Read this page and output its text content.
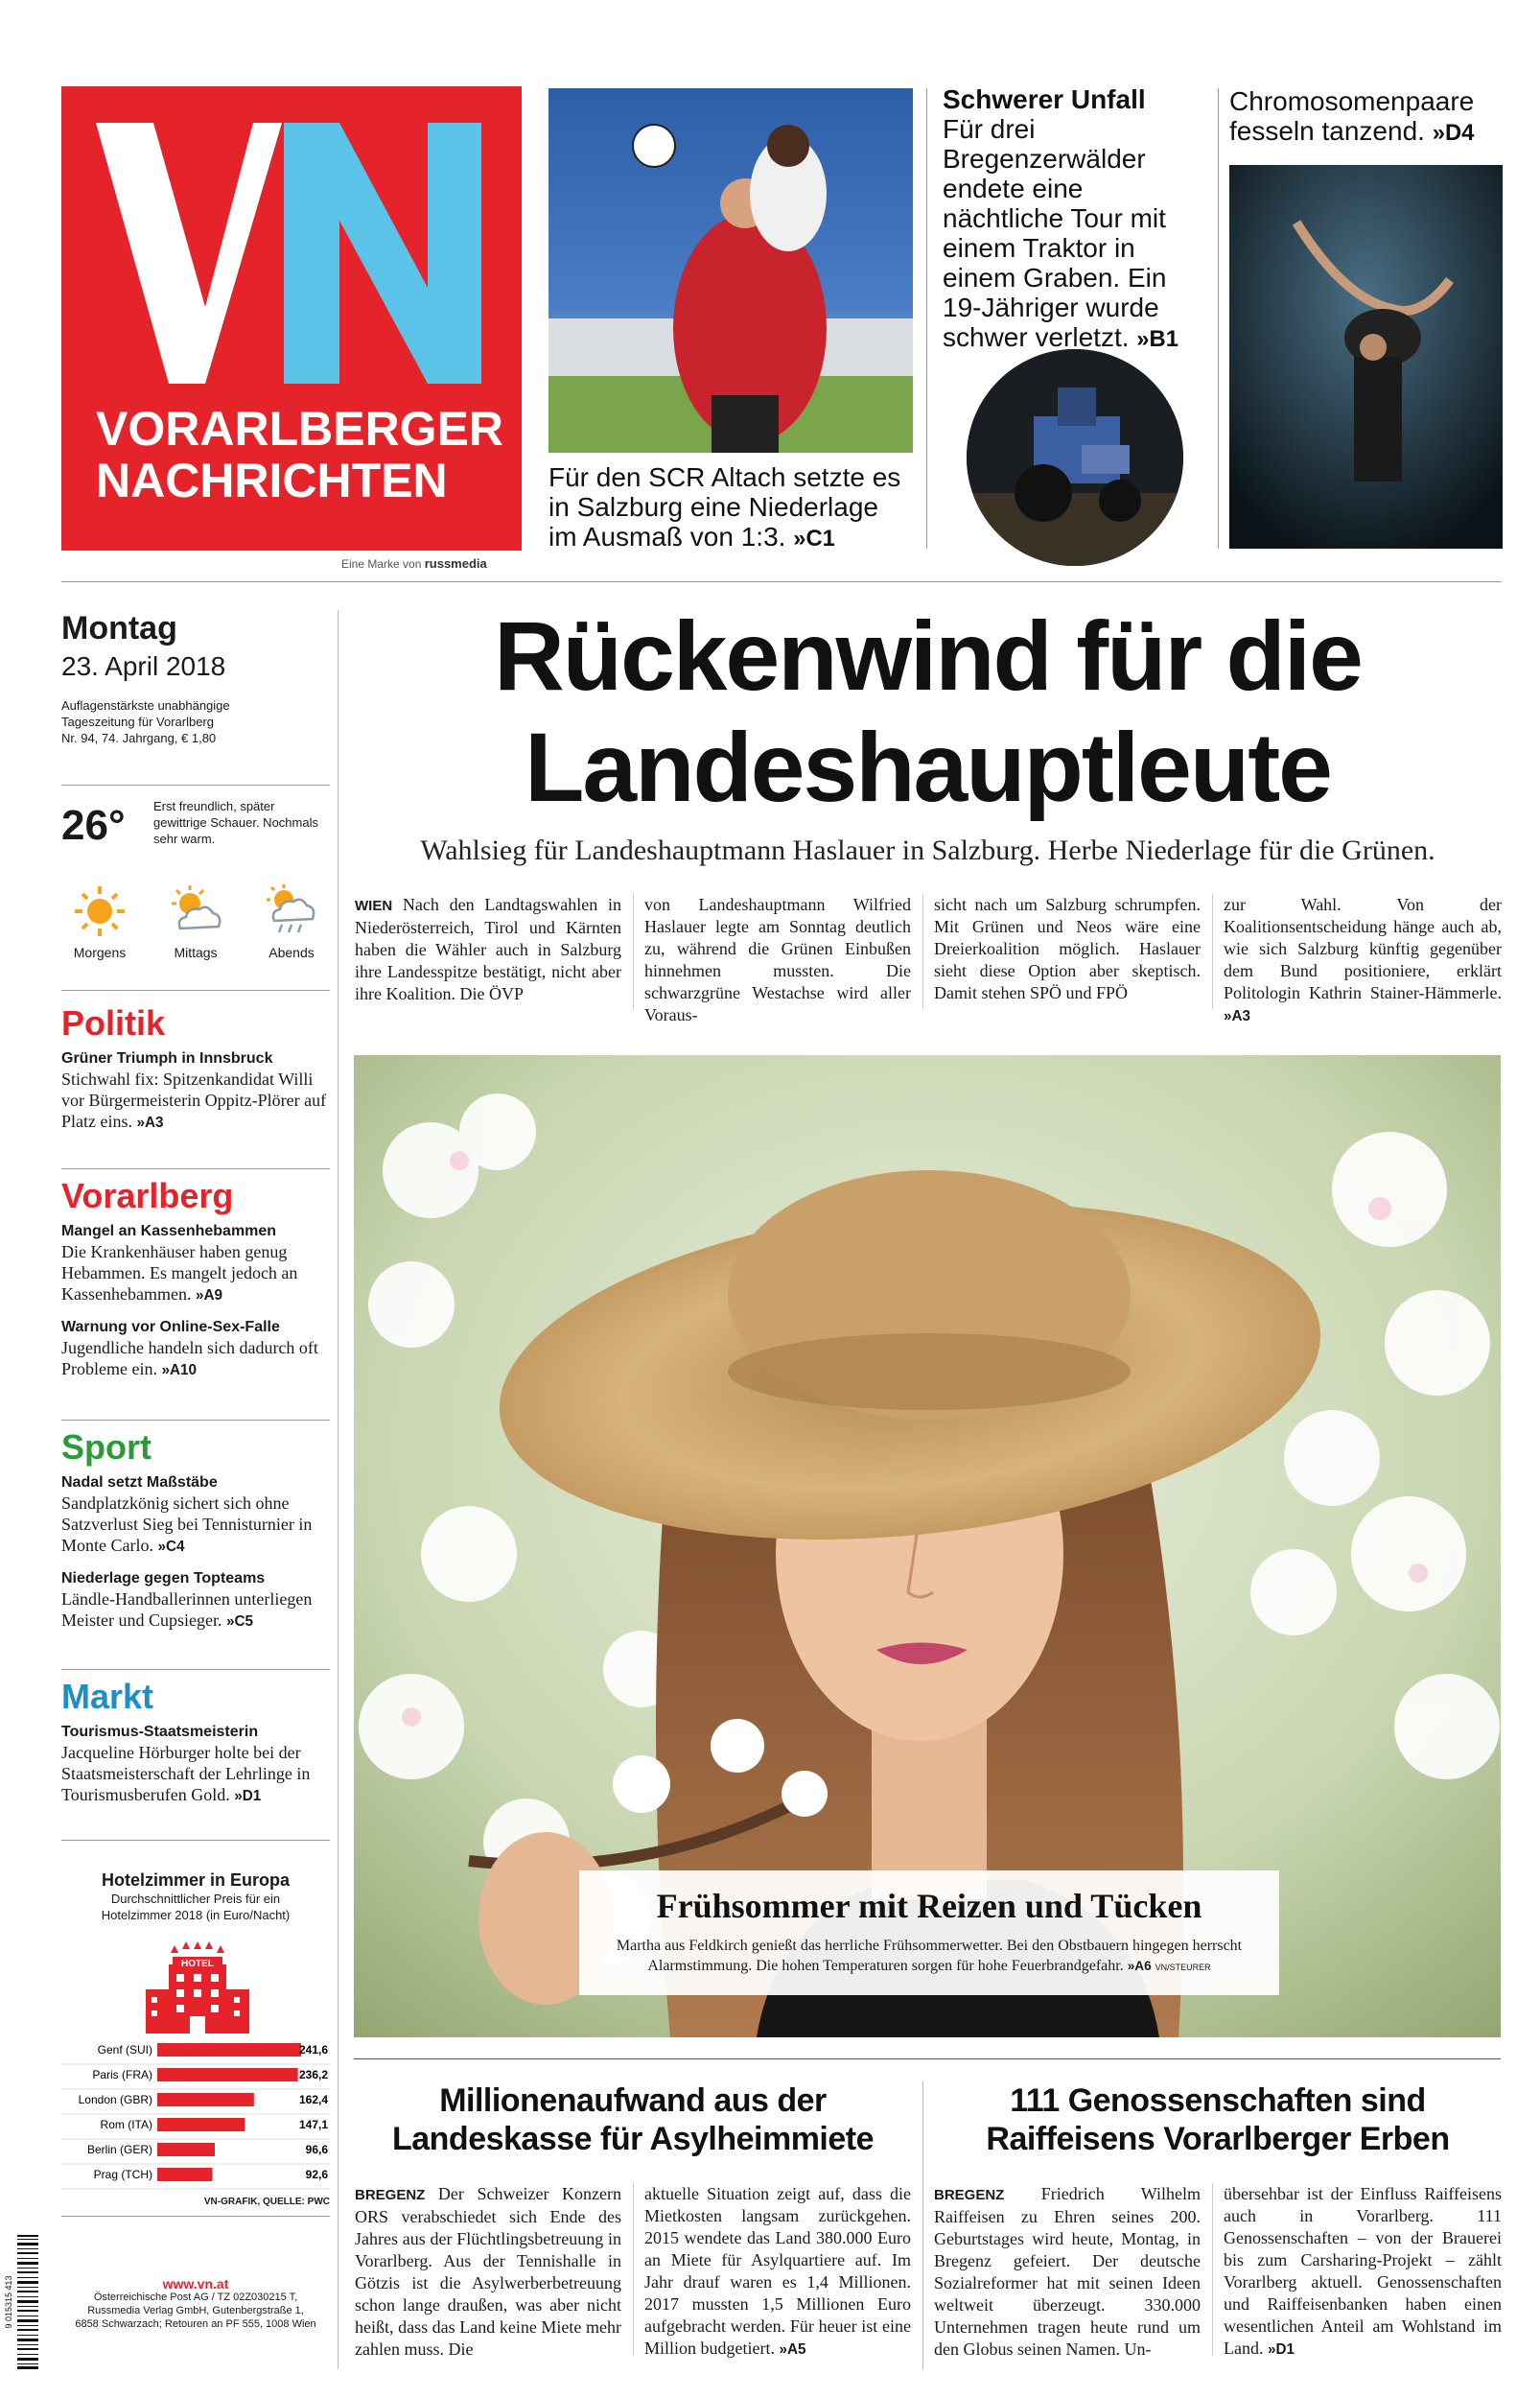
VORARLBERGER
NACHRICHTEN
Eine Marke von russmedia
Für den SCR Altach setzte es in Salzburg eine Niederlage im Ausmaß von 1:3. »C1
Schwerer Unfall
Für drei Bregenzerwälder endete eine nächtliche Tour mit einem Traktor in einem Graben. Ein 19-Jähriger wurde schwer verletzt. »B1
Chromosomenpaare fesseln tanzend. »D4
Montag
23. April 2018
Auflagenstärkste unabhängige
Tageszeitung für Vorarlberg
Nr. 94, 74. Jahrgang, € 1,80
26° Erst freundlich, später gewittrige Schauer. Nochmals sehr warm.
Morgens	Mittags	Abends
Politik
Grüner Triumph in Innsbruck
Stichwahl fix: Spitzenkandidat Willi vor Bürgermeisterin Oppitz-Plörer auf Platz eins. »A3
Vorarlberg
Mangel an Kassenhebammen
Die Krankenhäuser haben genug Hebammen. Es mangelt jedoch an Kassenhebammen. »A9
Warnung vor Online-Sex-Falle
Jugendliche handeln sich dadurch oft Probleme ein. »A10
Sport
Nadal setzt Maßstäbe
Sandplatzkönig sichert sich ohne Satzverlust Sieg bei Tennisturnier in Monte Carlo. »C4
Niederlage gegen Topteams
Ländle-Handballerinnen unterliegen Meister und Cupsieger. »C5
Markt
Tourismus-Staatsmeisterin
Jacqueline Hörburger holte bei der Staatsmeisterschaft der Lehrlinge in Tourismusberufen Gold. »D1
Hotelzimmer in Europa
Durchschnittlicher Preis für ein Hotelzimmer 2018 (in Euro/Nacht)
HOTEL
Genf (SUI)	241,6
Paris (FRA)	236,2
London (GBR)	162,4
Rom (ITA)	147,1
Berlin (GER)	96,6
Prag (TCH)	92,6
VN-GRAFIK, QUELLE: PWC
9 015315 413	www.vn.at
Österreichische Post AG / TZ 02Z030215 T,
Russmedia Verlag GmbH, Gutenbergstraße 1,
6858 Schwarzach; Retouren an PF 555, 1008 Wien
Rückenwind für die
Landeshauptleute
Wahlsieg für Landeshauptmann Haslauer in Salzburg. Herbe Niederlage für die Grünen.
WIEN Nach den Landtagswahlen in Niederösterreich, Tirol und Kärnten haben die Wähler auch in Salzburg ihre Landesspitze bestätigt, nicht aber ihre Koalition. Die ÖVP
von Landeshauptmann Wilfried Haslauer legte am Sonntag deutlich zu, während die Grünen Einbußen hinnehmen mussten. Die schwarzgrüne Westachse wird aller Voraus-
sicht nach um Salzburg schrumpfen. Mit Grünen und Neos wäre eine Dreierkoalition möglich. Haslauer sieht diese Option aber skeptisch. Damit stehen SPÖ und FPÖ
zur Wahl. Von der Koalitionsentscheidung hänge auch ab, wie sich Salzburg künftig gegenüber dem Bund positioniere, erklärt Politologin Kathrin Stainer-Hämmerle. »A3
Frühsommer mit Reizen und Tücken
Martha aus Feldkirch genießt das herrliche Frühsommerwetter. Bei den Obstbauern hingegen herrscht Alarmstimmung. Die hohen Temperaturen sorgen für hohe Feuerbrandgefahr. »A6 VN/STEURER
Millionenaufwand aus der
Landeskasse für Asylheimmiete
BREGENZ Der Schweizer Konzern ORS verabschiedet sich Ende des Jahres aus der Flüchtlingsbetreuung in Vorarlberg. Aus der Tennishalle in Götzis ist die Asylwerberbetreuung schon lange draußen, was aber nicht heißt, dass das Land keine Miete mehr zahlen muss. Die
aktuelle Situation zeigt auf, dass die Mietkosten langsam zurückgehen. 2015 wendete das Land 380.000 Euro an Miete für Asylquartiere auf. Im Jahr drauf waren es 1,4 Millionen. 2017 mussten 1,5 Millionen Euro aufgebracht werden. Für heuer ist eine Million budgetiert. »A5
111 Genossenschaften sind
Raiffeisens Vorarlberger Erben
BREGENZ Friedrich Wilhelm Raiffeisen zu Ehren seines 200. Geburtstages wird heute, Montag, in Bregenz gefeiert. Der deutsche Sozialreformer hat mit seinen Ideen weltweit überzeugt. 330.000 Unternehmen tragen heute rund um den Globus seinen Namen. Un-
übersehbar ist der Einfluss Raiffeisens auch in Vorarlberg. 111 Genossenschaften – von der Brauerei bis zum Carsharing-Projekt – zählt Vorarlberg aktuell. Genossenschaften und Raiffeisenbanken haben einen wesentlichen Anteil am Wohlstand im Land. »D1
